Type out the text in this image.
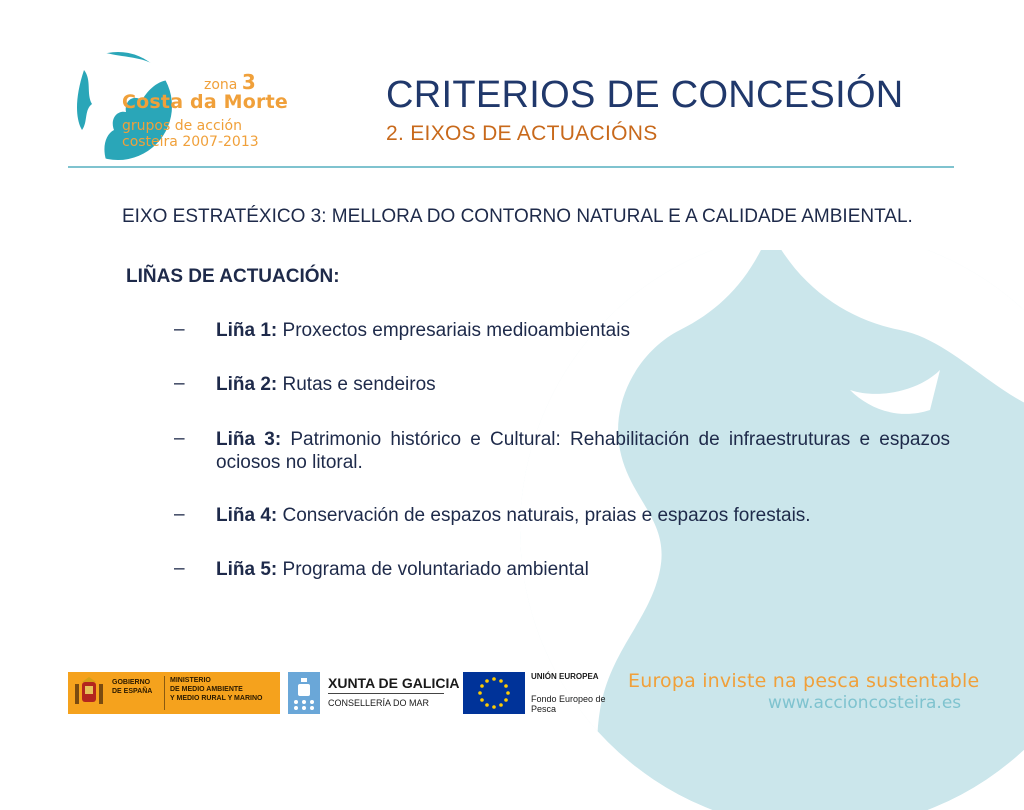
zona 3
Costa da Morte
grupos de acción
costeira 2007-2013
CRITERIOS DE CONCESIÓN
2. EIXOS DE ACTUACIÓNS
EIXO ESTRATÉXICO 3: MELLORA DO CONTORNO NATURAL E A CALIDADE AMBIENTAL.
LIÑAS DE ACTUACIÓN:
– Liña 1: Proxectos empresariais medioambientais
– Liña 2: Rutas e sendeiros
– Liña 3: Patrimonio histórico e Cultural: Rehabilitación de infraestruturas e espazos ociosos no litoral.
– Liña 4: Conservación de espazos naturais, praias e espazos forestais.
– Liña 5: Programa de voluntariado ambiental
GOBIERNO
DE ESPAÑA
MINISTERIO
DE MEDIO AMBIENTE
Y MEDIO RURAL Y MARINO
XUNTA DE GALICIA
CONSELLERÍA DO MAR
UNIÓN EUROPEA
Fondo Europeo de Pesca
Europa inviste na pesca sustentable
www.accioncosteira.es
